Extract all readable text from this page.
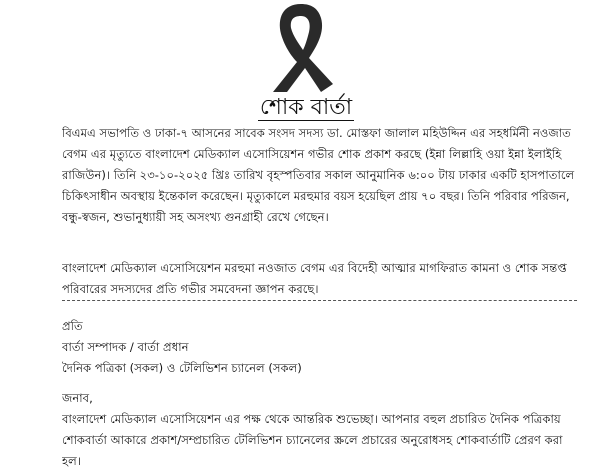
শোক বার্তা
বিএমএ সভাপতি ও ঢাকা-৭ আসনের সাবেক সংসদ সদস্য ডা. মোস্তফা জালাল মহিউদ্দিন এর সহধর্মিনী নওজাত
বেগম এর মৃত্যুতে বাংলাদেশ মেডিক্যাল এসোসিয়েশন গভীর শোক প্রকাশ করছে (ইন্না লিল্লাহি ওয়া ইন্না ইলাইহি
রাজিউন)। তিনি ২৩-১০-২০২৫ খ্রিঃ তারিখ বৃহস্পতিবার সকাল আনুমানিক ৬:০০ টায় ঢাকার একটি হাসপাতালে
চিকিৎসাধীন অবস্থায় ইন্তেকাল করেছেন। মৃত্যুকালে মরহুমার বয়স হয়েছিল প্রায় ৭০ বছর। তিনি পরিবার পরিজন,
বন্ধু-স্বজন, শুভানুধ্যায়ী সহ অসংখ্য গুনগ্রাহী রেখে গেছেন।
বাংলাদেশ মেডিক্যাল এসোসিয়েশন মরহুমা নওজাত বেগম এর বিদেহী আত্মার মাগফিরাত কামনা ও শোক সন্তপ্ত
পরিবারের সদস্যদের প্রতি গভীর সমবেদনা জ্ঞাপন করছে।
প্রতি
বার্তা সম্পাদক / বার্তা প্রধান
দৈনিক পত্রিকা (সকল) ও টেলিভিশন চ্যানেল (সকল)
জনাব,
বাংলাদেশ মেডিক্যাল এসোসিয়েশন এর পক্ষ থেকে আন্তরিক শুভেচ্ছা। আপনার বহুল প্রচারিত দৈনিক পত্রিকায়
শোকবার্তা আকারে প্রকাশ/সম্প্রচারিত টেলিভিশন চ্যানেলের স্ক্রলে প্রচারের অনুরোধসহ শোকবার্তাটি প্রেরণ করা
হল।
